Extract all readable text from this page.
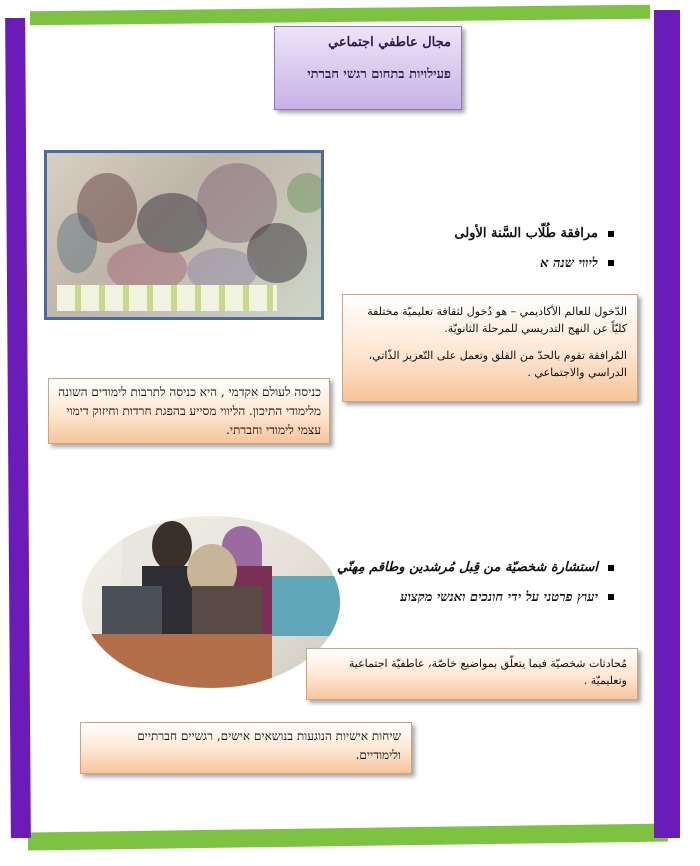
مجال عاطفي اجتماعي
פעילויות בתחום רגשי חברתי
مرافقة طُلّاب السَّنة الأولى
ליווי שנה א

الدّخول للعالم الأكاديمي – هو دُخول لثقافة تعليميّة مختلفة كليّاً عن النهج التدريسي للمرحلة الثانويّة.

المُرافقة تقوم بالحدّ من القلق وتعمل على التّعزيز الذّاتي، الدراسي والاجتماعي .

כניסה לעולם אקדמי , היא כניסה לתרבות לימודים השונה מלימודי התיכון. הליווי מסייע בהפגת חרדות וחיזוק דימוי עצמי לימודי וחברתי.

استشارة شخصيّة من قِبل مُرشدين وطاقم مِهنّي
יעוץ פרטני על ידי חונכים ואנשי מקצוע

مُحادثات شخصيّة فيما يتعلّق بمواضيع خاصّة، عاطفيّة اجتماعية وتعليميّة .

שיחות אישיות הנוגעות בנושאים אישים, רגשיים חברתיים ולימודיים.
